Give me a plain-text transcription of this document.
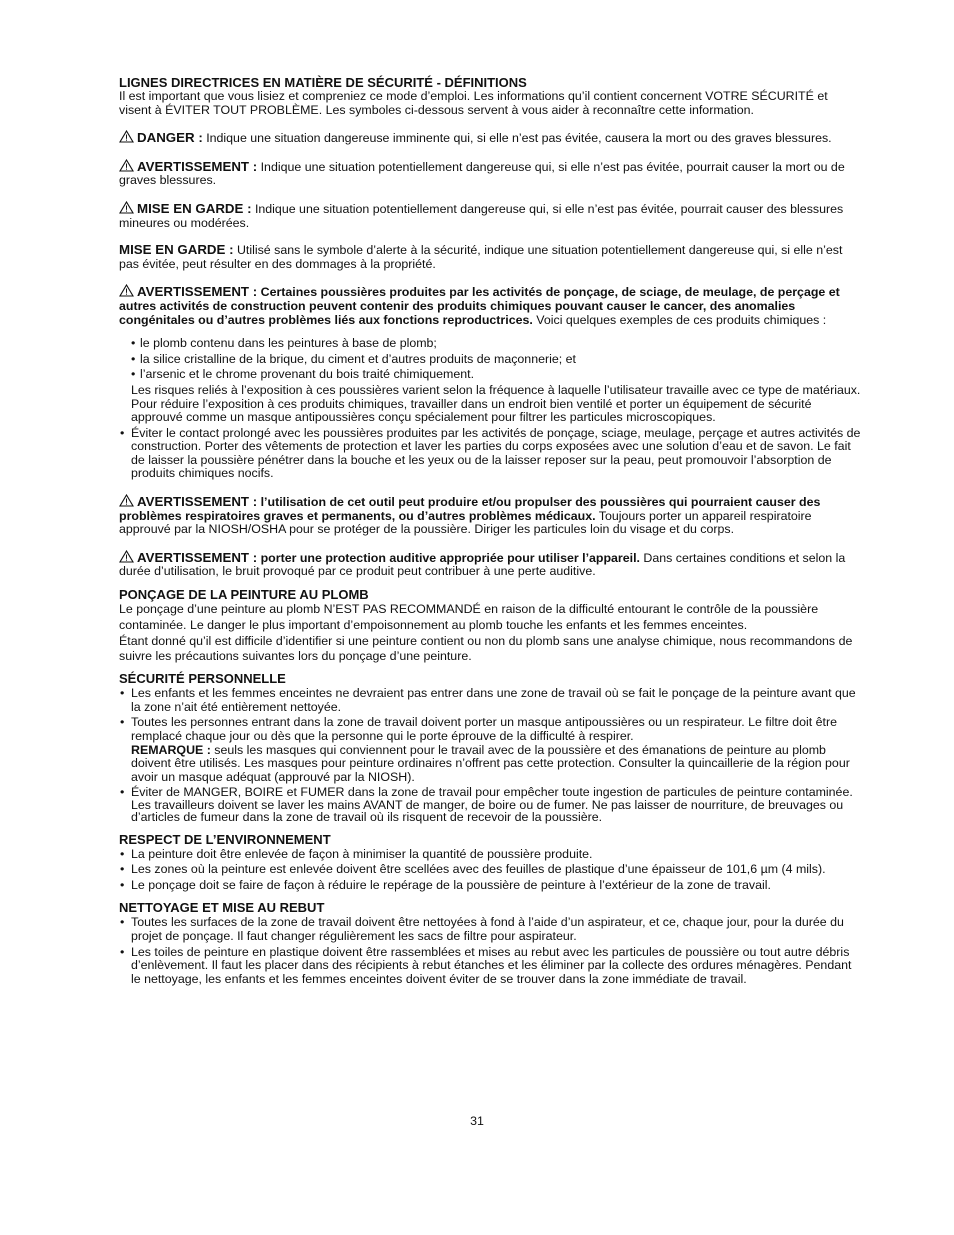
LIGNES DIRECTRICES EN MATIÈRE DE SÉCURITÉ - DÉFINITIONS

Il est important que vous lisiez et compreniez ce mode d’emploi. Les informations qu’il contient concernent VOTRE SÉCURITÉ et visent à ÉVITER TOUT PROBLÈME. Les symboles ci-dessous servent à vous aider à reconnaître cette information.

DANGER : Indique une situation dangereuse imminente qui, si elle n’est pas évitée, causera la mort ou des graves blessures.

AVERTISSEMENT : Indique une situation potentiellement dangereuse qui, si elle n’est pas évitée, pourrait causer la mort ou de graves blessures.

MISE EN GARDE : Indique une situation potentiellement dangereuse qui, si elle n’est pas évitée, pourrait causer des blessures mineures ou modérées.

MISE EN GARDE : Utilisé sans le symbole d’alerte à la sécurité, indique une situation potentiellement dangereuse qui, si elle n’est pas évitée, peut résulter en des dommages à la propriété.

AVERTISSEMENT : Certaines poussières produites par les activités de ponçage, de sciage, de meulage, de perçage et autres activités de construction peuvent contenir des produits chimiques pouvant causer le cancer, des anomalies congénitales ou d’autres problèmes liés aux fonctions reproductrices. Voici quelques exemples de ces produits chimiques :

• le plomb contenu dans les peintures à base de plomb;
• la silice cristalline de la brique, du ciment et d’autres produits de maçonnerie; et
• l’arsenic et le chrome provenant du bois traité chimiquement.

Les risques reliés à l’exposition à ces poussières varient selon la fréquence à laquelle l’utilisateur travaille avec ce type de matériaux. Pour réduire l’exposition à ces produits chimiques, travailler dans un endroit bien ventilé et porter un équipement de sécurité approuvé comme un masque antipoussières conçu spécialement pour filtrer les particules microscopiques.

• Éviter le contact prolongé avec les poussières produites par les activités de ponçage, sciage, meulage, perçage et autres activités de construction. Porter des vêtements de protection et laver les parties du corps exposées avec une solution d’eau et de savon. Le fait de laisser la poussière pénétrer dans la bouche et les yeux ou de la laisser reposer sur la peau, peut promouvoir l’absorption de produits chimiques nocifs.

AVERTISSEMENT : l’utilisation de cet outil peut produire et/ou propulser des poussières qui pourraient causer des problèmes respiratoires graves et permanents, ou d’autres problèmes médicaux. Toujours porter un appareil respiratoire approuvé par la NIOSH/OSHA pour se protéger de la poussière. Diriger les particules loin du visage et du corps.

AVERTISSEMENT : porter une protection auditive appropriée pour utiliser l’appareil. Dans certaines conditions et selon la durée d’utilisation, le bruit provoqué par ce produit peut contribuer à une perte auditive.

PONÇAGE DE LA PEINTURE AU PLOMB

Le ponçage d’une peinture au plomb N’EST PAS RECOMMANDÉ en raison de la difficulté entourant le contrôle de la poussière contaminée. Le danger le plus important d’empoisonnement au plomb touche les enfants et les femmes enceintes.

Étant donné qu’il est difficile d’identifier si une peinture contient ou non du plomb sans une analyse chimique, nous recommandons de suivre les précautions suivantes lors du ponçage d’une peinture.

SÉCURITÉ PERSONNELLE
• Les enfants et les femmes enceintes ne devraient pas entrer dans une zone de travail où se fait le ponçage de la peinture avant que la zone n’ait été entièrement nettoyée.
• Toutes les personnes entrant dans la zone de travail doivent porter un masque antipoussières ou un respirateur. Le filtre doit être remplacé chaque jour ou dès que la personne qui le porte éprouve de la difficulté à respirer.
REMARQUE : seuls les masques qui conviennent pour le travail avec de la poussière et des émanations de peinture au plomb doivent être utilisés. Les masques pour peinture ordinaires n’offrent pas cette protection. Consulter la quincaillerie de la région pour avoir un masque adéquat (approuvé par la NIOSH).
• Éviter de MANGER, BOIRE et FUMER dans la zone de travail pour empêcher toute ingestion de particules de peinture contaminée. Les travailleurs doivent se laver les mains AVANT de manger, de boire ou de fumer. Ne pas laisser de nourriture, de breuvages ou d’articles de fumeur dans la zone de travail où ils risquent de recevoir de la poussière.
RESPECT DE L’ENVIRONNEMENT
• La peinture doit être enlevée de façon à minimiser la quantité de poussière produite.
• Les zones où la peinture est enlevée doivent être scellées avec des feuilles de plastique d’une épaisseur de 101,6 µm (4 mils).
• Le ponçage doit se faire de façon à réduire le repérage de la poussière de peinture à l’extérieur de la zone de travail.
NETTOYAGE ET MISE AU REBUT
• Toutes les surfaces de la zone de travail doivent être nettoyées à fond à l’aide d’un aspirateur, et ce, chaque jour, pour la durée du projet de ponçage. Il faut changer régulièrement les sacs de filtre pour aspirateur.
• Les toiles de peinture en plastique doivent être rassemblées et mises au rebut avec les particules de poussière ou tout autre débris d’enlèvement. Il faut les placer dans des récipients à rebut étanches et les éliminer par la collecte des ordures ménagères. Pendant le nettoyage, les enfants et les femmes enceintes doivent éviter de se trouver dans la zone immédiate de travail.
31
